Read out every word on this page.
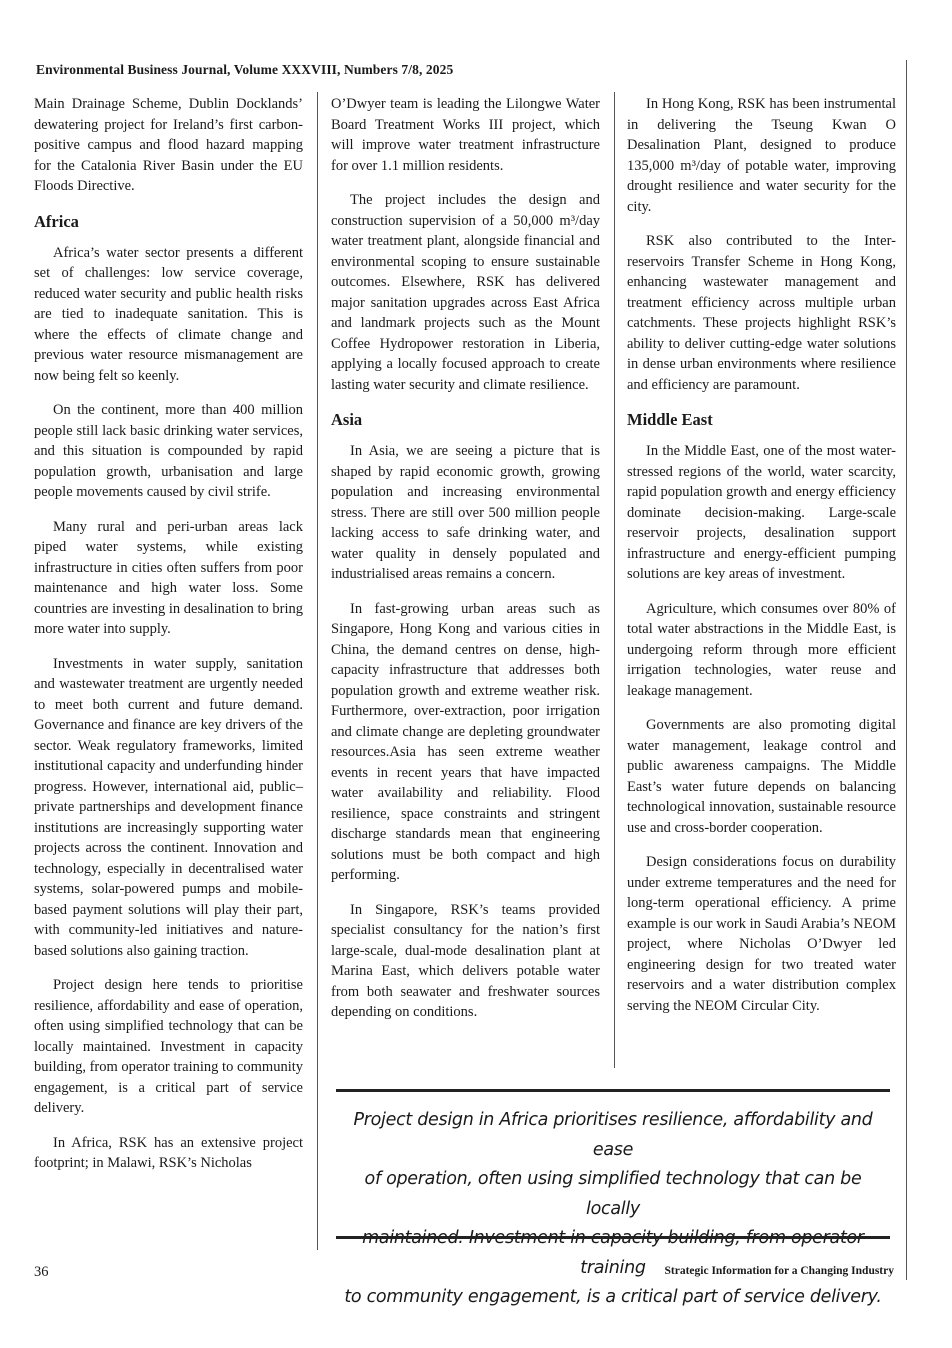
Environmental Business Journal, Volume XXXVIII, Numbers 7/8, 2025

Main Drainage Scheme, Dublin Docklands’ dewatering project for Ireland’s first carbon-positive campus and flood hazard mapping for the Catalonia River Basin under the EU Floods Directive.

Africa

Africa’s water sector presents a different set of challenges: low service coverage, reduced water security and public health risks are tied to inadequate sanitation. This is where the effects of climate change and previous water resource mismanagement are now being felt so keenly.

On the continent, more than 400 million people still lack basic drinking water services, and this situation is compounded by rapid population growth, urbanisation and large people movements caused by civil strife.

Many rural and peri-urban areas lack piped water systems, while existing infrastructure in cities often suffers from poor maintenance and high water loss. Some countries are investing in desalination to bring more water into supply.

Investments in water supply, sanitation and wastewater treatment are urgently needed to meet both current and future demand. Governance and finance are key drivers of the sector. Weak regulatory frameworks, limited institutional capacity and underfunding hinder progress. However, international aid, public–private partnerships and development finance institutions are increasingly supporting water projects across the continent. Innovation and technology, especially in decentralised water systems, solar-powered pumps and mobile-based payment solutions will play their part, with community-led initiatives and nature-based solutions also gaining traction.

Project design here tends to prioritise resilience, affordability and ease of operation, often using simplified technology that can be locally maintained. Investment in capacity building, from operator training to community engagement, is a critical part of service delivery.

In Africa, RSK has an extensive project footprint; in Malawi, RSK’s Nicholas

O’Dwyer team is leading the Lilongwe Water Board Treatment Works III project, which will improve water treatment infrastructure for over 1.1 million residents.

The project includes the design and construction supervision of a 50,000 m³/day water treatment plant, alongside financial and environmental scoping to ensure sustainable outcomes. Elsewhere, RSK has delivered major sanitation upgrades across East Africa and landmark projects such as the Mount Coffee Hydropower restoration in Liberia, applying a locally focused approach to create lasting water security and climate resilience.

Asia

In Asia, we are seeing a picture that is shaped by rapid economic growth, growing population and increasing environmental stress. There are still over 500 million people lacking access to safe drinking water, and water quality in densely populated and industrialised areas remains a concern.

In fast-growing urban areas such as Singapore, Hong Kong and various cities in China, the demand centres on dense, high-capacity infrastructure that addresses both population growth and extreme weather risk. Furthermore, over-extraction, poor irrigation and climate change are depleting groundwater resources.Asia has seen extreme weather events in recent years that have impacted water availability and reliability. Flood resilience, space constraints and stringent discharge standards mean that engineering solutions must be both compact and high performing.

In Singapore, RSK’s teams provided specialist consultancy for the nation’s first large-scale, dual-mode desalination plant at Marina East, which delivers potable water from both seawater and freshwater sources depending on conditions.

In Hong Kong, RSK has been instrumental in delivering the Tseung Kwan O Desalination Plant, designed to produce 135,000 m³/day of potable water, improving drought resilience and water security for the city.

RSK also contributed to the Inter-reservoirs Transfer Scheme in Hong Kong, enhancing wastewater management and treatment efficiency across multiple urban catchments. These projects highlight RSK’s ability to deliver cutting-edge water solutions in dense urban environments where resilience and efficiency are paramount.

Middle East

In the Middle East, one of the most water-stressed regions of the world, water scarcity, rapid population growth and energy efficiency dominate decision-making. Large-scale reservoir projects, desalination support infrastructure and energy-efficient pumping solutions are key areas of investment.

Agriculture, which consumes over 80% of total water abstractions in the Middle East, is undergoing reform through more efficient irrigation technologies, water reuse and leakage management.

Governments are also promoting digital water management, leakage control and public awareness campaigns. The Middle East’s water future depends on balancing technological innovation, sustainable resource use and cross-border cooperation.

Design considerations focus on durability under extreme temperatures and the need for long-term operational efficiency. A prime example is our work in Saudi Arabia’s NEOM project, where Nicholas O’Dwyer led engineering design for two treated water reservoirs and a water distribution complex serving the NEOM Circular City.

Project design in Africa prioritises resilience, affordability and ease
of operation, often using simplified technology that can be locally
training
to community engagement, is a critical part of service delivery.
36	Strategic Information for a Changing Industry
